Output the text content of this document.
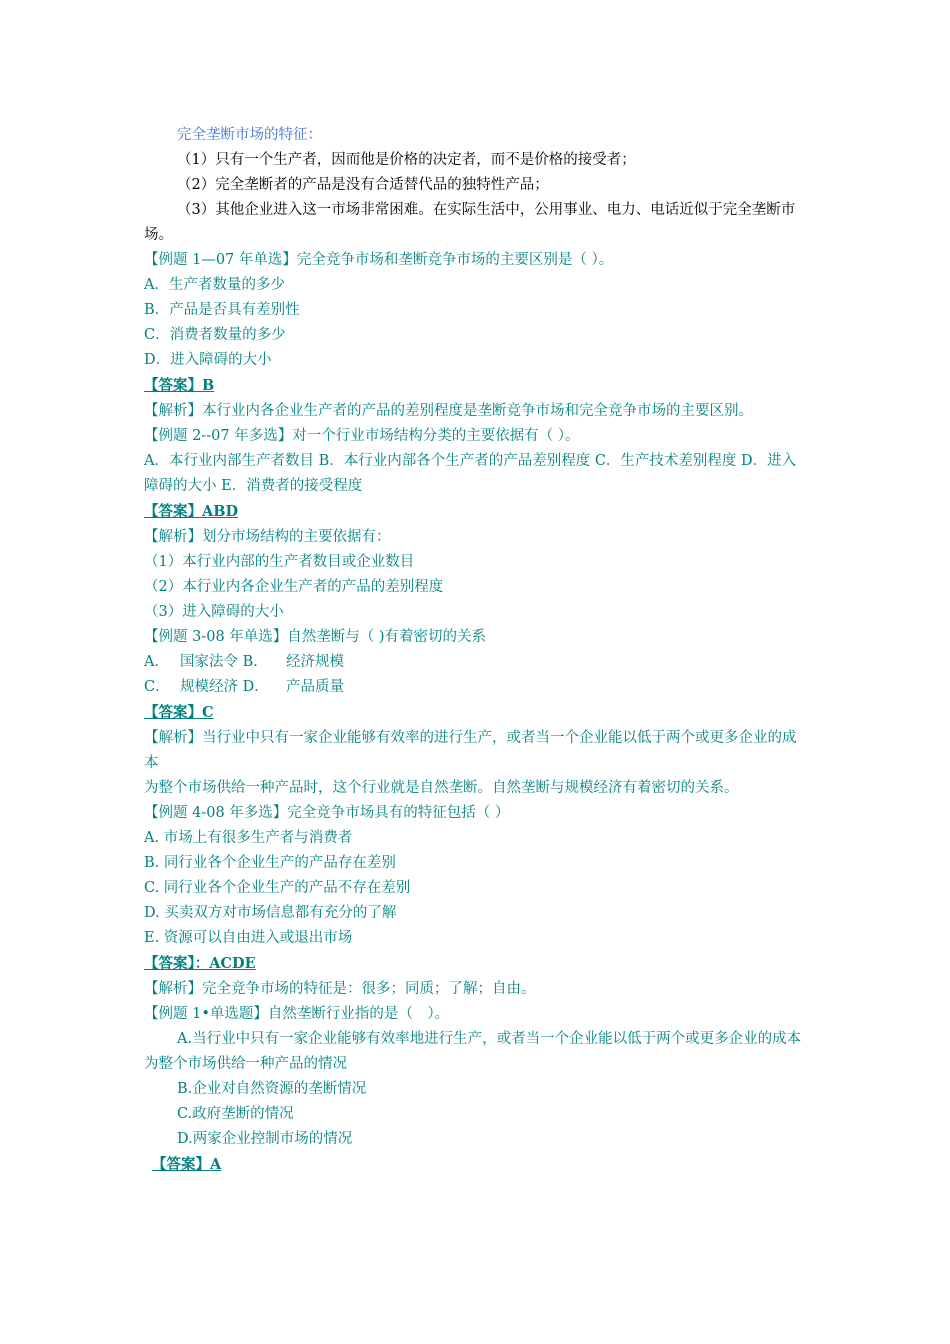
完全垄断市场的特征：

（1）只有一个生产者，因而他是价格的决定者，而不是价格的接受者；

（2）完全垄断者的产品是没有合适替代品的独特性产品；

（3）其他企业进入这一市场非常困难。在实际生活中，公用事业、电力、电话近似于完全垄断市场。

【例题 1—07 年单选】完全竞争市场和垄断竞争市场的主要区别是（ ）。

A．生产者数量的多少

B．产品是否具有差别性

C．消费者数量的多少

D．进入障碍的大小

【答案】B

【解析】本行业内各企业生产者的产品的差别程度是垄断竞争市场和完全竞争市场的主要区别。

【例题 2--07 年多选】对一个行业市场结构分类的主要依据有（ ）。

A．本行业内部生产者数目 B．本行业内部各个生产者的产品差别程度 C．生产技术差别程度 D．进入障碍的大小 E．消费者的接受程度

【答案】ABD

【解析】划分市场结构的主要依据有：

（1）本行业内部的生产者数目或企业数目

（2）本行业内各企业生产者的产品的差别程度

（3）进入障碍的大小

【例题 3-08 年单选】自然垄断与（ )有着密切的关系

A． 国家法令 B． 经济规模

C． 规模经济 D． 产品质量

【答案】C

【解析】当行业中只有一家企业能够有效率的进行生产，或者当一个企业能以低于两个或更多企业的成本

为整个市场供给一种产品时，这个行业就是自然垄断。自然垄断与规模经济有着密切的关系。

【例题 4-08 年多选】完全竞争市场具有的特征包括（ ）

A. 市场上有很多生产者与消费者

B. 同行业各个企业生产的产品存在差别

C. 同行业各个企业生产的产品不存在差别

D. 买卖双方对市场信息都有充分的了解

E. 资源可以自由进入或退出市场

【答案】：ACDE

【解析】完全竞争市场的特征是：很多；同质；了解；自由。

【例题 1•单选题】自然垄断行业指的是（　）。

A.当行业中只有一家企业能够有效率地进行生产，或者当一个企业能以低于两个或更多企业的成本为整个市场供给一种产品的情况

B.企业对自然资源的垄断情况

C.政府垄断的情况

D.两家企业控制市场的情况

【答案】A
